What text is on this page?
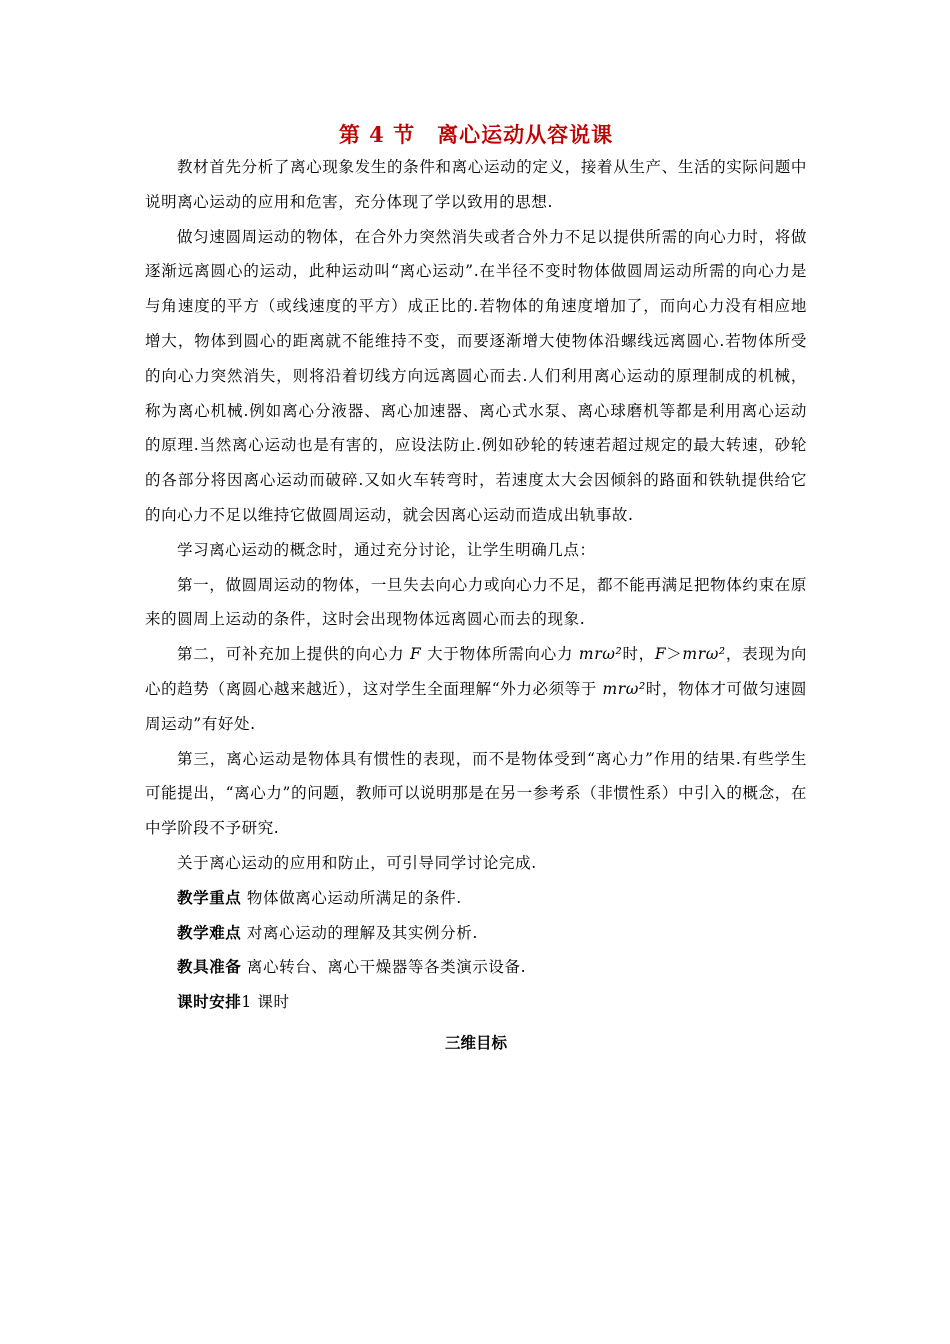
第 4 节　离心运动从容说课

教材首先分析了离心现象发生的条件和离心运动的定义，接着从生产、生活的实际问题中说明离心运动的应用和危害，充分体现了学以致用的思想.

做匀速圆周运动的物体，在合外力突然消失或者合外力不足以提供所需的向心力时，将做逐渐远离圆心的运动，此种运动叫“离心运动”.在半径不变时物体做圆周运动所需的向心力是与角速度的平方（或线速度的平方）成正比的.若物体的角速度增加了，而向心力没有相应地增大，物体到圆心的距离就不能维持不变，而要逐渐增大使物体沿螺线远离圆心.若物体所受的向心力突然消失，则将沿着切线方向远离圆心而去.人们利用离心运动的原理制成的机械，称为离心机械.例如离心分液器、离心加速器、离心式水泵、离心球磨机等都是利用离心运动的原理.当然离心运动也是有害的，应设法防止.例如砂轮的转速若超过规定的最大转速，砂轮的各部分将因离心运动而破碎.又如火车转弯时，若速度太大会因倾斜的路面和铁轨提供给它的向心力不足以维持它做圆周运动，就会因离心运动而造成出轨事故.

学习离心运动的概念时，通过充分讨论，让学生明确几点：

第一，做圆周运动的物体，一旦失去向心力或向心力不足，都不能再满足把物体约束在原来的圆周上运动的条件，这时会出现物体远离圆心而去的现象.

第二，可补充加上提供的向心力 F 大于物体所需向心力 mrω²时，F＞mrω²，表现为向心的趋势（离圆心越来越近），这对学生全面理解“外力必须等于 mrω²时，物体才可做匀速圆周运动”有好处.

第三，离心运动是物体具有惯性的表现，而不是物体受到“离心力”作用的结果.有些学生可能提出，“离心力”的问题，教师可以说明那是在另一参考系（非惯性系）中引入的概念，在中学阶段不予研究.

关于离心运动的应用和防止，可引导同学讨论完成.

教学重点 物体做离心运动所满足的条件.

教学难点 对离心运动的理解及其实例分析.

教具准备 离心转台、离心干燥器等各类演示设备.

课时安排1 课时

三维目标
